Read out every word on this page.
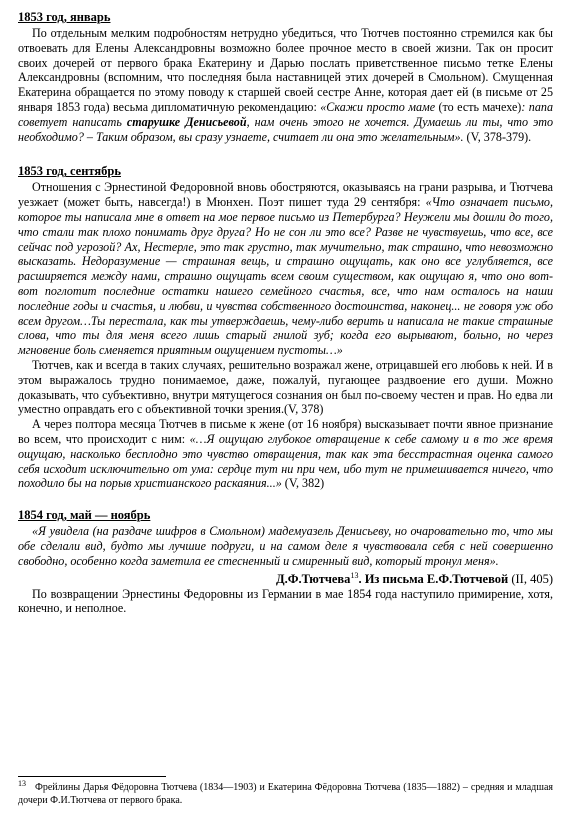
1853 год, январь

По отдельным мелким подробностям нетрудно убедиться, что Тютчев постоянно стремился как бы отвоевать для Елены Александровны возможно более прочное место в своей жизни. Так он просит своих дочерей от первого брака Екатерину и Дарью послать приветственное письмо тетке Елены Александровны (вспомним, что последняя была наставницей этих дочерей в Смольном). Смущенная Екатерина обращается по этому поводу к старшей своей сестре Анне, которая дает ей (в письме от 25 января 1853 года) весьма дипломатичную рекомендацию: «Скажи просто маме (то есть мачехе): папа советует написать старушке Денисьевой, нам очень этого не хочется. Думаешь ли ты, что это необходимо? – Таким образом, вы сразу узнаете, считает ли она это желательным». (V, 378-379).

1853 год, сентябрь

Отношения с Эрнестиной Федоровной вновь обостряются, оказываясь на грани разрыва, и Тютчева уезжает (может быть, навсегда!) в Мюнхен. Поэт пишет туда 29 сентября: «Что означает письмо, которое ты написала мне в ответ на мое первое письмо из Петербурга? Неужели мы дошли до того, что стали так плохо понимать друг друга? Но не сон ли это все? Разве не чувствуешь, что все, все сейчас под угрозой? Ах, Нестерле, это так грустно, так мучительно, так страшно, что невозможно высказать. Недоразумение — страшная вещь, и страшно ощущать, как оно все углубляется, все расширяется между нами, страшно ощущать всем своим существом, как ощущаю я, что оно вот-вот поглотит последние остатки нашего семейного счастья, все, что нам осталось на наши последние годы и счастья, и любви, и чувства собственного достоинства, наконец... не говоря уж обо всем другом…Ты перестала, как ты утверждаешь, чему-либо верить и написала не такие страшные слова, что ты для меня всего лишь старый гнилой зуб; когда его вырывают, больно, но через мгновение боль сменяется приятным ощущением пустоты…»

Тютчев, как и всегда в таких случаях, решительно возражал жене, отрицавшей его любовь к ней. И в этом выражалось трудно понимаемое, даже, пожалуй, пугающее раздвоение его души. Можно доказывать, что субъективно, внутри мятущегося сознания он был по-своему честен и прав. Но едва ли уместно оправдать его с объективной точки зрения.(V, 378)

А через полтора месяца Тютчев в письме к жене (от 16 ноября) высказывает почти явное признание во всем, что происходит с ним: «…Я ощущаю глубокое отвращение к себе самому и в то же время ощущаю, насколько бесплодно это чувство отвращения, так как эта бесстрастная оценка самого себя исходит исключительно от ума: сердце тут ни при чем, ибо тут не примешивается ничего, что походило бы на порыв христианского раскаяния...» (V, 382)

1854 год, май — ноябрь
«Я увидела (на раздаче шифров в Смольном) мадемуазель Денисьеву, но очаровательно то, что мы обе сделали вид, будто мы лучшие подруги, и на самом деле я чувствовала себя с ней совершенно свободно, особенно когда заметила ее стесненный и смиренный вид, который тронул меня».
Д.Ф.Тютчева$^{13}$. Из письма Е.Ф.Тютчевой (II, 405)

По возвращении Эрнестины Федоровны из Германии в мае 1854 года наступило примирение, хотя, конечно, и неполное.

$^{13}$ Фрейлины Дарья Фёдоровна Тютчева (1834—1903) и Екатерина Фёдоровна Тютчева (1835—1882) – средняя и младшая дочери Ф.И.Тютчева от первого брака.
